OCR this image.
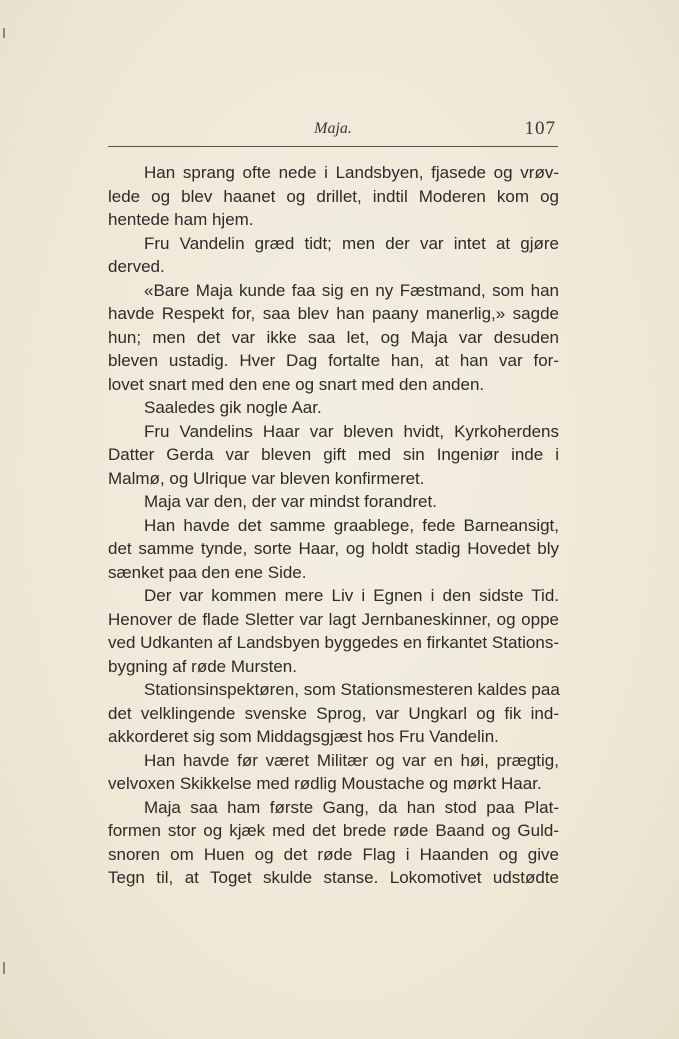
Maja.	107
Han sprang ofte nede i Landsbyen, fjasede og vrøv-
lede og blev haanet og drillet, indtil Moderen kom og
hentede ham hjem.
Fru Vandelin græd tidt; men der var intet at gjøre
derved.
«Bare Maja kunde faa sig en ny Fæstmand, som han
havde Respekt for, saa blev han paany manerlig,» sagde
hun; men det var ikke saa let, og Maja var desuden
bleven ustadig. Hver Dag fortalte han, at han var for-
lovet snart med den ene og snart med den anden.
Saaledes gik nogle Aar.
Fru Vandelins Haar var bleven hvidt, Kyrkoherdens
Datter Gerda var bleven gift med sin Ingeniør inde i
Malmø, og Ulrique var bleven konfirmeret.
Maja var den, der var mindst forandret.
Han havde det samme graablege, fede Barneansigt,
det samme tynde, sorte Haar, og holdt stadig Hovedet bly
sænket paa den ene Side.
Der var kommen mere Liv i Egnen i den sidste Tid.
Henover de flade Sletter var lagt Jernbaneskinner, og oppe
ved Udkanten af Landsbyen byggedes en firkantet Stations-
bygning af røde Mursten.
Stationsinspektøren, som Stationsmesteren kaldes paa
det velklingende svenske Sprog, var Ungkarl og fik ind-
akkorderet sig som Middagsgjæst hos Fru Vandelin.
Han havde før været Militær og var en høi, prægtig,
velvoxen Skikkelse med rødlig Moustache og mørkt Haar.
Maja saa ham første Gang, da han stod paa Plat-
formen stor og kjæk med det brede røde Baand og Guld-
snoren om Huen og det røde Flag i Haanden og give
Tegn til, at Toget skulde stanse. Lokomotivet udstødte
